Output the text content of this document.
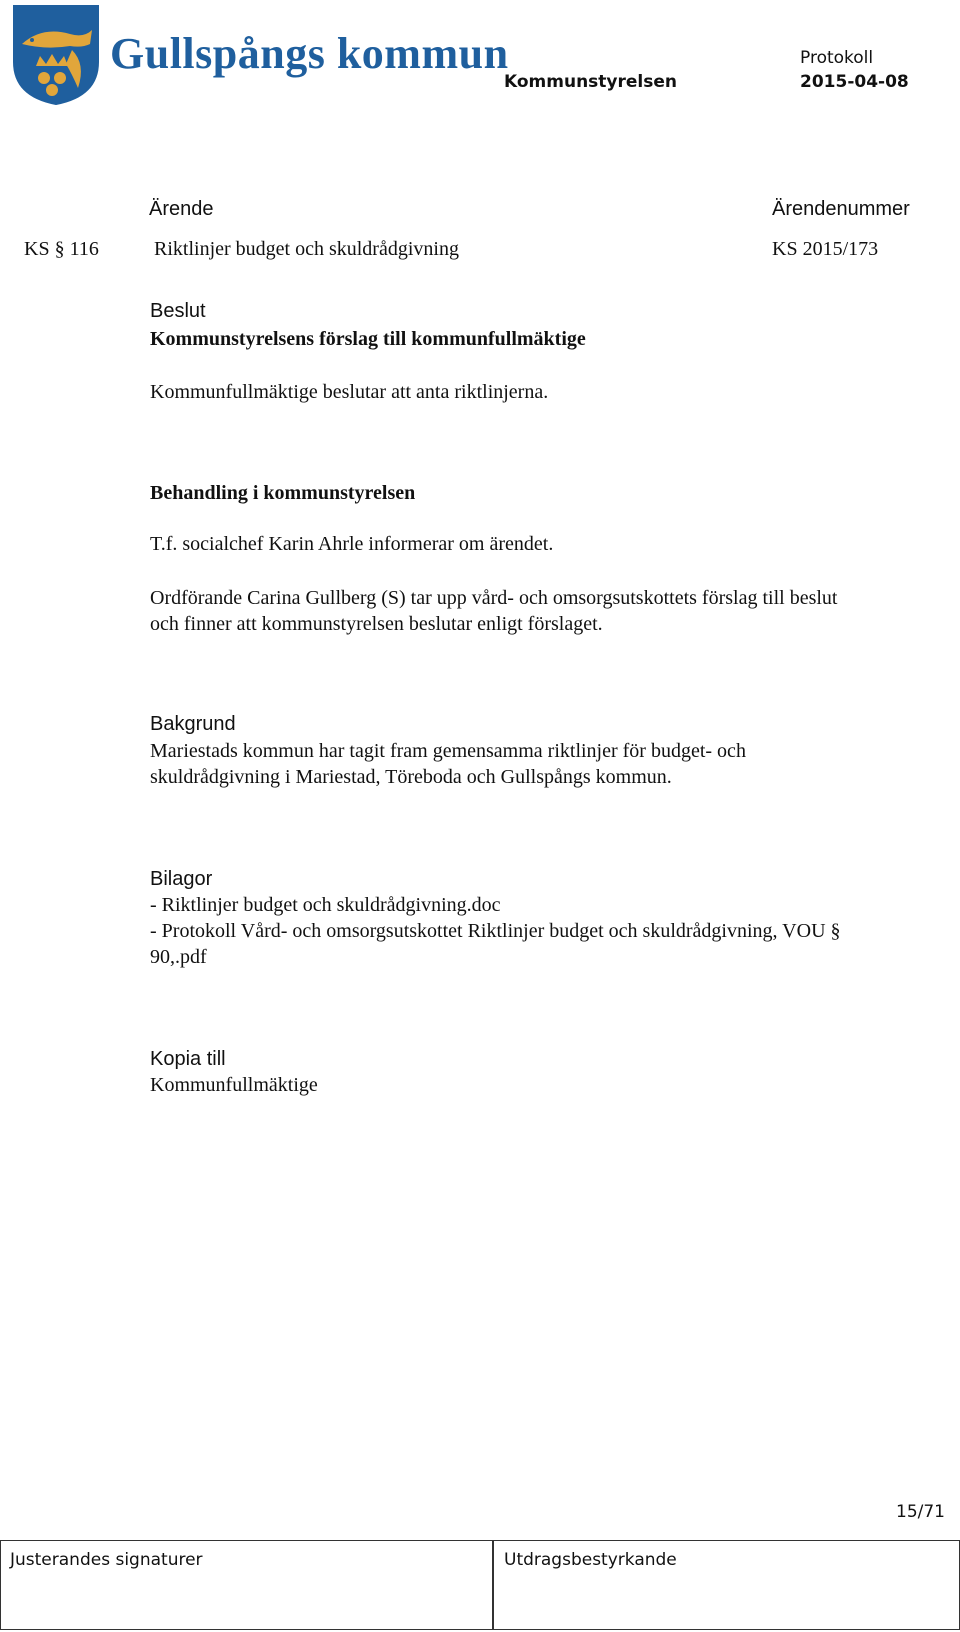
Gullspångs kommun	Protokoll
Kommunstyrelsen	2015-04-08
Ärende	Ärendenummer
KS § 116	Riktlinjer budget och skuldrådgivning	KS 2015/173
Beslut
Kommunstyrelsens förslag till kommunfullmäktige
Kommunfullmäktige beslutar att anta riktlinjerna.
Behandling i kommunstyrelsen
T.f. socialchef Karin Ahrle informerar om ärendet.
Ordförande Carina Gullberg (S) tar upp vård- och omsorgsutskottets förslag till beslut
och finner att kommunstyrelsen beslutar enligt förslaget.
Bakgrund
Mariestads kommun har tagit fram gemensamma riktlinjer för budget- och
skuldrådgivning i Mariestad, Töreboda och Gullspångs kommun.
Bilagor
- Riktlinjer budget och skuldrådgivning.doc
- Protokoll Vård- och omsorgsutskottet Riktlinjer budget och skuldrådgivning, VOU §
90,.pdf
Kopia till
Kommunfullmäktige
15/71
Justerandes signaturer	Utdragsbestyrkande
